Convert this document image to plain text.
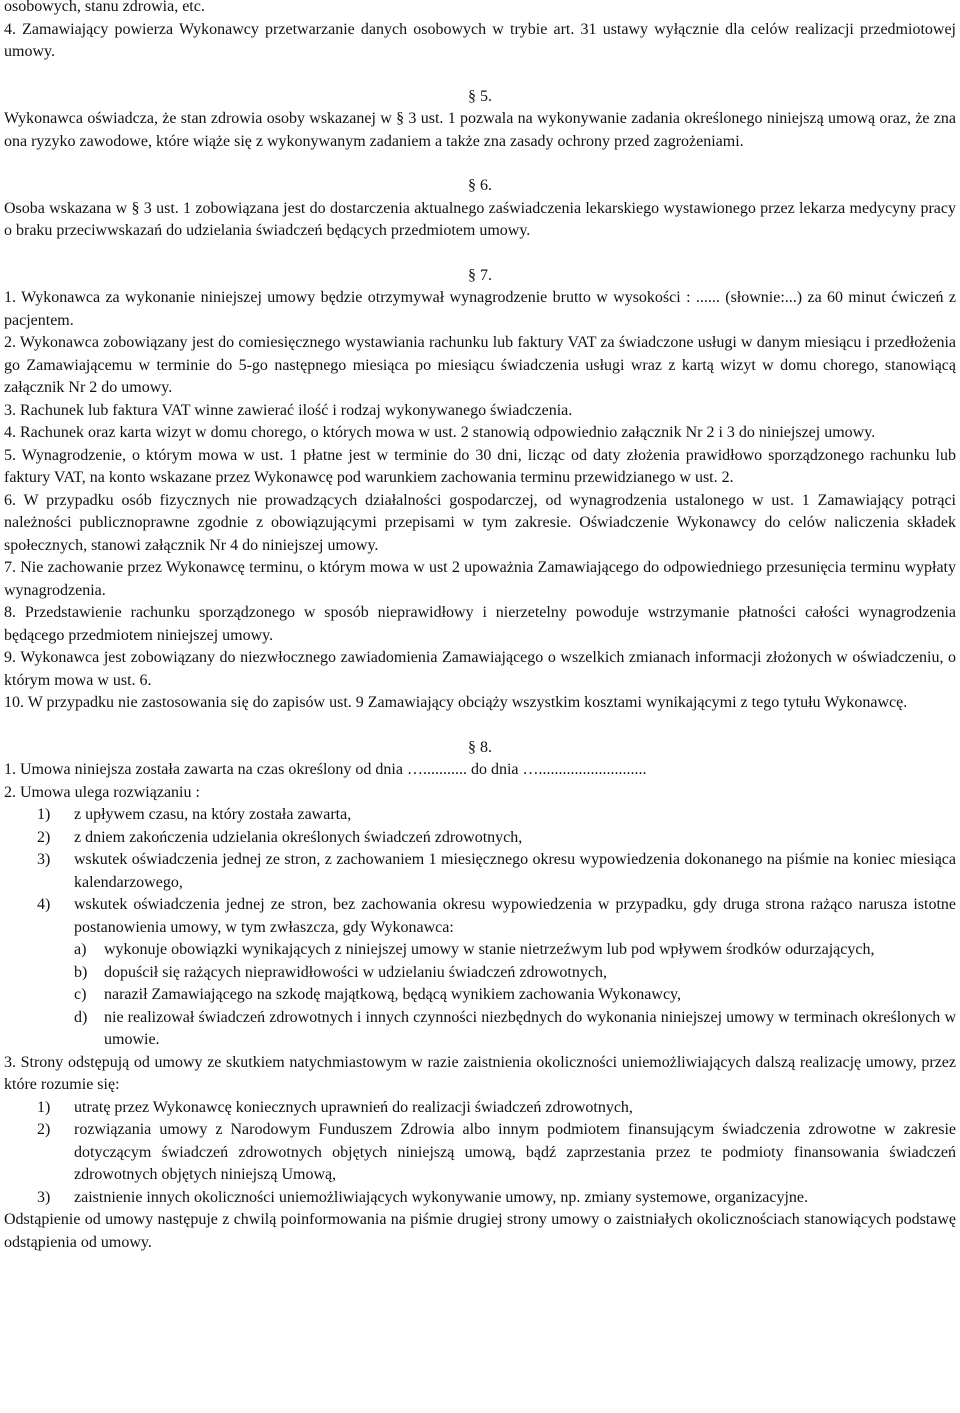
osobowych, stanu zdrowia, etc.

4. Zamawiający powierza Wykonawcy przetwarzanie danych osobowych w trybie art. 31 ustawy wyłącznie dla celów realizacji przedmiotowej umowy.

§ 5.

Wykonawca oświadcza, że stan zdrowia osoby wskazanej w § 3 ust. 1 pozwala na wykonywanie zadania określonego niniejszą umową oraz, że zna ona ryzyko zawodowe, które wiąże się z wykonywanym zadaniem a także zna zasady ochrony przed zagrożeniami.

§ 6.

Osoba wskazana w § 3 ust. 1 zobowiązana jest do dostarczenia aktualnego zaświadczenia lekarskiego wystawionego przez lekarza medycyny pracy o braku przeciwwskazań do udzielania świadczeń będących przedmiotem umowy.

§ 7.

1. Wykonawca za wykonanie niniejszej umowy będzie otrzymywał wynagrodzenie brutto w wysokości : ...... (słownie:...) za 60 minut ćwiczeń z pacjentem.

2. Wykonawca zobowiązany jest do comiesięcznego wystawiania rachunku lub faktury VAT za świadczone usługi w danym miesiącu i przedłożenia go Zamawiającemu w terminie do 5-go następnego miesiąca po miesiącu świadczenia usługi wraz z kartą wizyt w domu chorego, stanowiącą załącznik Nr 2 do umowy.

3. Rachunek lub faktura VAT winne zawierać ilość i rodzaj wykonywanego świadczenia.

4. Rachunek oraz karta wizyt w domu chorego, o których mowa w ust. 2 stanowią odpowiednio załącznik Nr 2 i 3 do niniejszej umowy.

5. Wynagrodzenie, o którym mowa w ust. 1 płatne jest w terminie do 30 dni, licząc od daty złożenia prawidłowo sporządzonego rachunku lub faktury VAT, na konto wskazane przez Wykonawcę pod warunkiem zachowania terminu przewidzianego w ust. 2.

6. W przypadku osób fizycznych nie prowadzących działalności gospodarczej, od wynagrodzenia ustalonego w ust. 1 Zamawiający potrąci należności publicznoprawne zgodnie z obowiązującymi przepisami w tym zakresie. Oświadczenie Wykonawcy do celów naliczenia składek społecznych, stanowi załącznik Nr 4 do niniejszej umowy.

7. Nie zachowanie przez Wykonawcę terminu, o którym mowa w ust 2 upoważnia Zamawiającego do odpowiedniego przesunięcia terminu wypłaty wynagrodzenia.

8. Przedstawienie rachunku sporządzonego w sposób nieprawidłowy i nierzetelny powoduje wstrzymanie płatności całości wynagrodzenia będącego przedmiotem niniejszej umowy.

9. Wykonawca jest zobowiązany do niezwłocznego zawiadomienia Zamawiającego o wszelkich zmianach informacji złożonych w oświadczeniu, o którym mowa w ust. 6.

10. W przypadku nie zastosowania się do zapisów ust. 9 Zamawiający obciąży wszystkim kosztami wynikającymi z tego tytułu Wykonawcę.

§ 8.

1. Umowa niniejsza została zawarta na czas określony od dnia …........... do dnia …...........................

2. Umowa ulega rozwiązaniu :

1) z upływem czasu, na który została zawarta,
2) z dniem zakończenia udzielania określonych świadczeń zdrowotnych,
3) wskutek oświadczenia jednej ze stron, z zachowaniem 1 miesięcznego okresu wypowiedzenia dokonanego na piśmie na koniec miesiąca kalendarzowego,
4) wskutek oświadczenia jednej ze stron, bez zachowania okresu wypowiedzenia w przypadku, gdy druga strona rażąco narusza istotne postanowienia umowy, w tym zwłaszcza, gdy Wykonawca:
a) wykonuje obowiązki wynikających z niniejszej umowy w stanie nietrzeźwym lub pod wpływem środków odurzających,
b) dopuścił się rażących nieprawidłowości w udzielaniu świadczeń zdrowotnych,
c) naraził Zamawiającego na szkodę majątkową, będącą wynikiem zachowania Wykonawcy,
d) nie realizował świadczeń zdrowotnych i innych czynności niezbędnych do wykonania niniejszej umowy w terminach określonych w umowie.

3. Strony odstępują od umowy ze skutkiem natychmiastowym w razie zaistnienia okoliczności uniemożliwiających dalszą realizację umowy, przez które rozumie się:

1) utratę przez Wykonawcę koniecznych uprawnień do realizacji świadczeń zdrowotnych,
2) rozwiązania umowy z Narodowym Funduszem Zdrowia albo innym podmiotem finansującym świadczenia zdrowotne w zakresie dotyczącym świadczeń zdrowotnych objętych niniejszą umową, bądź zaprzestania przez te podmioty finansowania świadczeń zdrowotnych objętych niniejszą Umową,
3) zaistnienie innych okoliczności uniemożliwiających wykonywanie umowy, np. zmiany systemowe, organizacyjne.

Odstąpienie od umowy następuje z chwilą poinformowania na piśmie drugiej strony umowy o zaistniałych okolicznościach stanowiących podstawę odstąpienia od umowy.
